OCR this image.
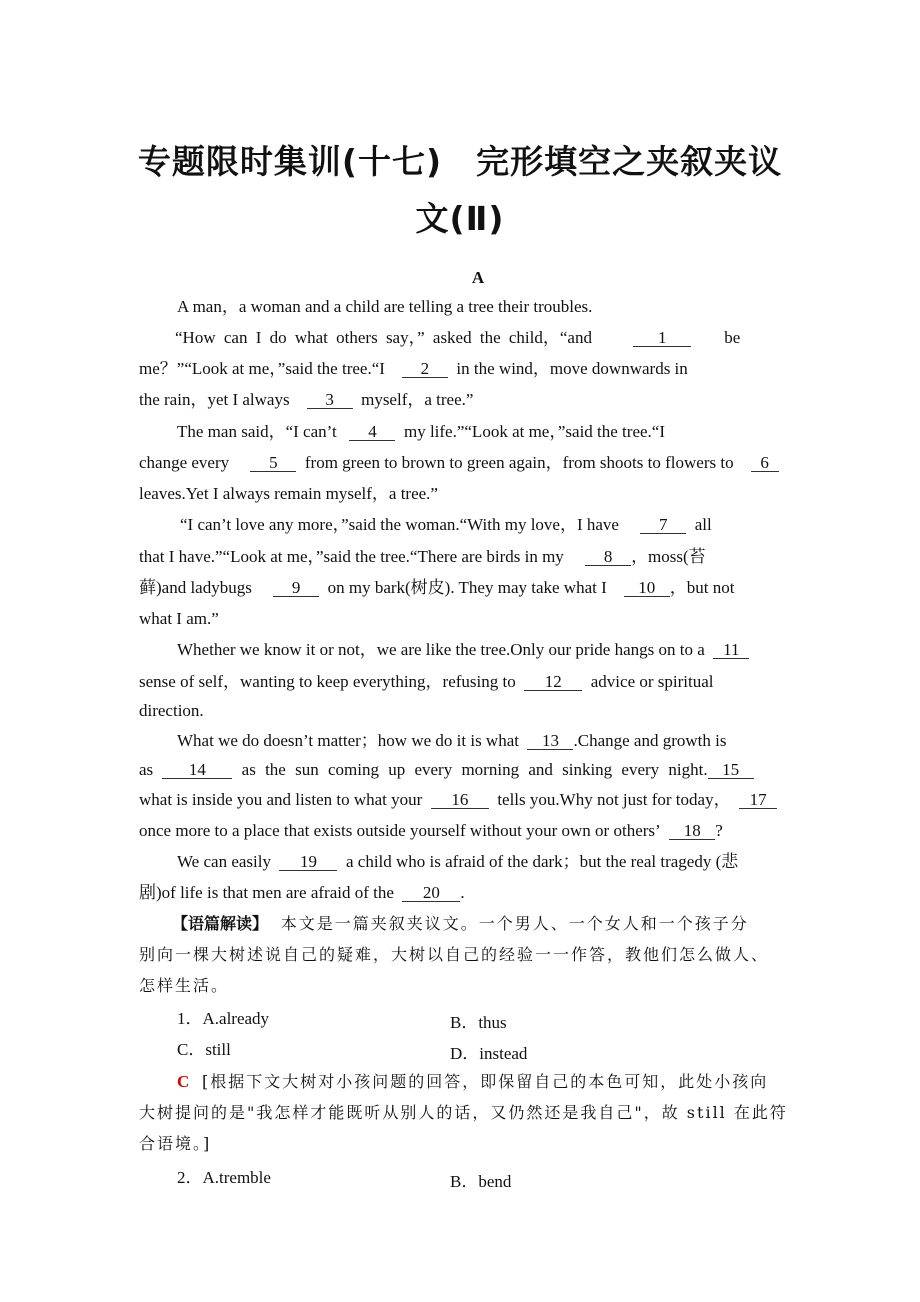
专题限时集训(十七)　完形填空之夹叙夹议
文(Ⅱ)
A
A man，a woman and a child are telling a tree their troubles.
“How can I do what others say，” asked the child，“and	1	be
me？”“Look at me，”said the tree.“I 2 in the wind，move downwards in
the rain，yet I always 3 myself，a tree.”
The man said，“I can’t 4 my life.”“Look at me，”said the tree.“I
change every 5 from green to brown to green again，from shoots to flowers to 6
leaves.Yet I always remain myself，a tree.”
“I can’t love any more，”said the woman.“With my love，I have 7 all
that I have.”“Look at me，”said the tree.“There are birds in my 8 ，moss(苔
藓)and ladybugs 9 on my bark(树皮). They may take what I 10 ，but not
what I am.”
Whether we know it or not，we are like the tree.Only our pride hangs on to a 11
sense of self，wanting to keep everything，refusing to 12 advice or spiritual
direction.
What we do doesn’t matter；how we do it is what 13 .Change and growth is
as 14 as the sun coming up every morning and sinking every night. 15
what is inside you and listen to what your 16 tells you.Why not just for today， 17
once more to a place that exists outside yourself without your own or others’ 18 ?
We can easily 19 a child who is afraid of the dark；but the real tragedy (悲
剧)of life is that men are afraid of the 20 .
【语篇解读】 本文是一篇夹叙夹议文。一个男人、一个女人和一个孩子分
别向一棵大树述说自己的疑难，大树以自己的经验一一作答，教他们怎么做人、
怎样生活。
1．A.already	B．thus
C．still	D．instead
C [根据下文大树对小孩问题的回答，即保留自己的本色可知，此处小孩向
大树提问的是"我怎样才能既听从别人的话，又仍然还是我自己"，故 still 在此符
合语境。]
2．A.tremble	B．bend
